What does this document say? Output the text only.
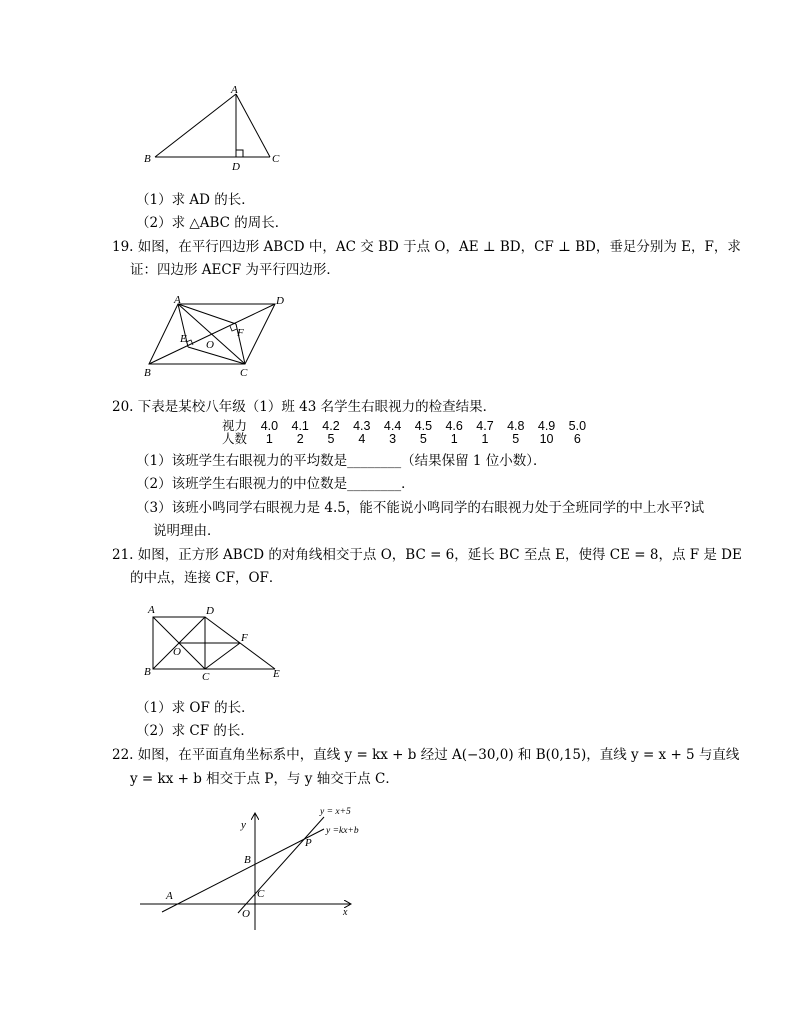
A
B	C
D
（1）求 AD 的长．
（2）求 △ABC 的周长．
19. 如图，在平行四边形 ABCD 中，AC 交 BD 于点 O，AE ⊥ BD，CF ⊥ BD，垂足分别为 E，F，求
证：四边形 AECF 为平行四边形．
A	D
B	C
E	F
O
20. 下表是某校八年级（1）班 43 名学生右眼视力的检查结果．
视力	4.0	4.1	4.2	4.3	4.4	4.5	4.6	4.7	4.8	4.9	5.0
人数	1	2	5	4	3	5	1	1	5	10	6
（1）该班学生右眼视力的平均数是________（结果保留 1 位小数）．
（2）该班学生右眼视力的中位数是________．
（3）该班小鸣同学右眼视力是 4.5，能不能说小鸣同学的右眼视力处于全班同学的中上水平?试
说明理由．
21. 如图，正方形 ABCD 的对角线相交于点 O，BC = 6，延长 BC 至点 E，使得 CE = 8，点 F 是 DE
的中点，连接 CF，OF．
A	D
B	C	E
F
O
（1）求 OF 的长．
（2）求 CF 的长．
22. 如图，在平面直角坐标系中，直线 y = kx + b 经过 A(−30,0) 和 B(0,15)，直线 y = x + 5 与直线
y = kx + b 相交于点 P，与 y 轴交于点 C．
x
y
O
A
B
C
P
y = x+5
y =kx+b
